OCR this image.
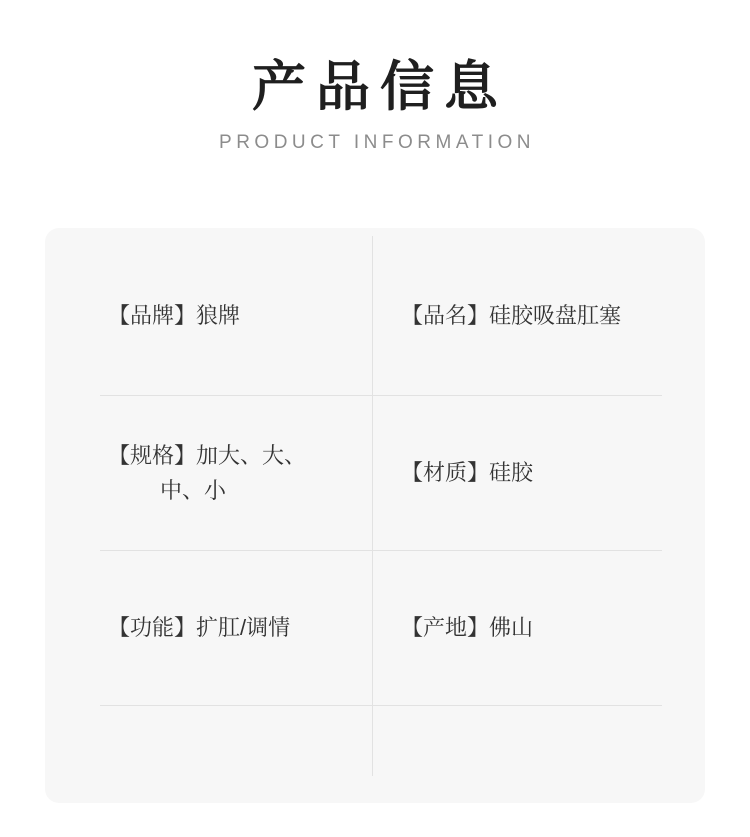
产品信息
PRODUCT INFORMATION
【品牌】狼牌	【品名】硅胶吸盘肛塞
【规格】加大、大、
中、小
【材质】硅胶
【功能】扩肛/调情	【产地】佛山
